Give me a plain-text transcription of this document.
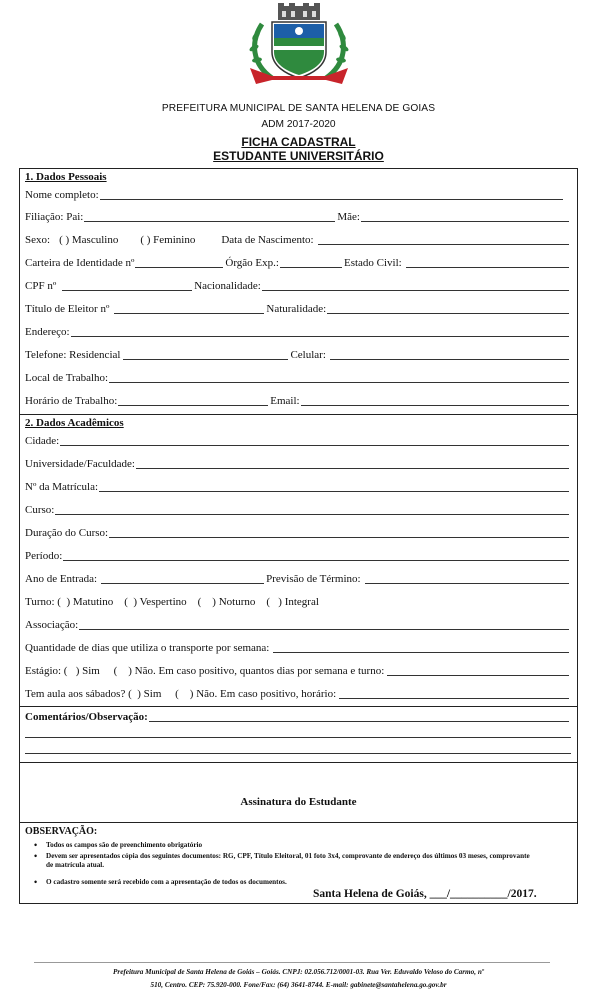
PREFEITURA MUNICIPAL DE SANTA HELENA DE GOIAS
ADM 2017-2020
FICHA CADASTRAL
ESTUDANTE UNIVERSITÁRIO
1. Dados Pessoais
Nome completo:
Filiação: Pai:	Mãe:
Sexo: ( ) Masculino ( ) Feminino Data de Nascimento:
Carteira de Identidade nº	Órgão Exp.:	Estado Civil:
CPF nº	Nacionalidade:
Título de Eleitor nº	Naturalidade:
Endereço:
Telefone: Residencial	Celular:
Local de Trabalho:
Horário de Trabalho:	Email:
2. Dados Acadêmicos
Cidade:
Universidade/Faculdade:
Nº da Matrícula:
Curso:
Duração do Curso:
Período:
Ano de Entrada:	Previsão de Término:
Turno: (  ) Matutino    (  ) Vespertino    (    ) Noturno    (   ) Integral
Associação:
Quantidade de dias que utiliza o transporte por semana:
Estágio: (   ) Sim     (    ) Não. Em caso positivo, quantos dias por semana e turno:
Tem aula aos sábados? (  ) Sim     (    ) Não. Em caso positivo, horário:
Comentários/Observação:
Assinatura do Estudante
OBSERVAÇÃO:
• Todos os campos são de preenchimento obrigatório
• Devem ser apresentados cópia dos seguintes documentos: RG, CPF, Título Eleitoral, 01 foto 3x4, comprovante de endereço dos últimos 03 meses, comprovante de matrícula atual.
• O cadastro somente será recebido com a apresentação de todos os documentos.
Santa Helena de Goiás, ___/__________/2017.
Prefeitura Municipal de Santa Helena de Goiás – Goiás. CNPJ: 02.056.712/0001-03. Rua Ver. Eduvaldo Veloso do Carmo, nº
510, Centro. CEP: 75.920-000. Fone/Fax: (64) 3641-8744. E-mail: gabinete@santahelena.go.gov.br
